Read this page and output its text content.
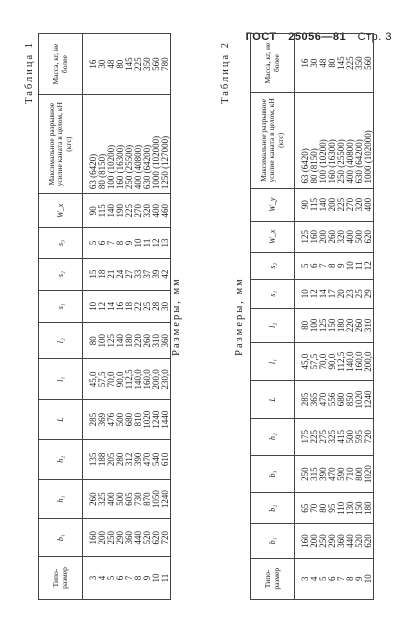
ГОСТ 25056—81 Стр. 3
Таблица 1
Типо-размер	b₁	h₁	h₂	L	l₁	l₂	s₁	s₂	s₃	W_x	Максимальное разрывное усилие каната в целом, кН (кгс)	Масса, кг, не более
3	160	260	135	285	45,0	80	10	15	5	90	63 (6420)	16
4	200	325	188	369	57,5	100	12	18	6	115	80 (8150)	30
5	250	400	205	476	70,0	125	14	21	7	140	100 (10200)	48
6	290	500	280	500	90,0	140	16	24	8	190	160 (16300)	80
7	360	605	312	680	112,5	180	18	27	9	225	250 (25500)	145
8	440	730	390	810	140,0	220	22	33	10	270	400 (40800)	225
9	520	870	470	1020	160,0	260	25	37	11	320	630 (64200)	350
10	620	1050	540	1240	200,0	310	28	39	12	400	1000 (102000)	560
11	720	1240	610	1440	230,0	360	30	42	13	460	1250 (127000)	780
Размеры, мм
Таблица 2
Размеры, мм
Типо-размер	b₁	b₂	b₃	h₂	L	l₁	l₂	s₁	s₂	W_x	W_y	Максимальное разрывное усилие каната в целом, кН (кгс)	Масса, кг, не более
3	160	65	250	175	285	45,0	80	10	5	125	90	63 (6420)	16
4	200	70	315	225	365	57,5	100	12	6	160	115	80 (8150)	30
5	250	80	390	275	470	70,0	125	14	7	200	140	100 (10200)	48
6	290	95	470	325	556	90,0	150	17	8	260	200	160 (16300)	80
7	360	110	590	415	680	112,5	180	20	9	320	225	250 (25500)	145
8	440	130	710	500	850	140,0	220	23	10	400	270	400 (40800)	225
9	520	150	800	595	1020	160,0	260	25	11	500	320	630 (64200)	350
10	620	180	1020	720	1240	200,0	310	29	12	620	400	1000 (102000)	560
